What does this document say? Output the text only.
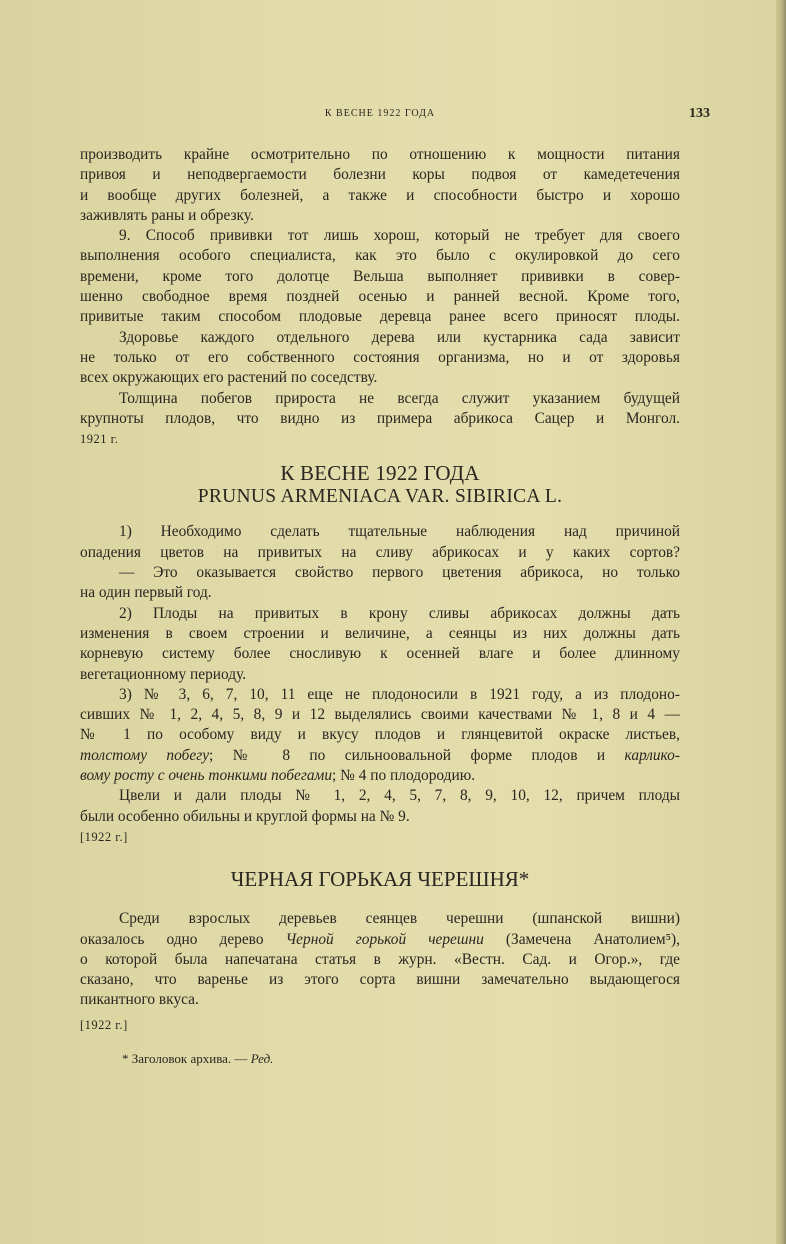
К ВЕСНЕ 1922 ГОДА	133
производить крайне осмотрительно по отношению к мощности питания
привоя и неподвергаемости болезни коры подвоя от камедетечения
и вообще других болезней, а также и способности быстро и хорошо
заживлять раны и обрезку.
9. Способ прививки тот лишь хорош, который не требует для своего
выполнения особого специалиста, как это было с окулировкой до сего
времени, кроме того долотце Вельша выполняет прививки в совер-
шенно свободное время поздней осенью и ранней весной. Кроме того,
привитые таким способом плодовые деревца ранее всего приносят плоды.
Здоровье каждого отдельного дерева или кустарника сада зависит
не только от его собственного состояния организма, но и от здоровья
всех окружающих его растений по соседству.
Толщина побегов прироста не всегда служит указанием будущей
крупноты плодов, что видно из примера абрикоса Сацер и Монгол.
1921 г.
К ВЕСНЕ 1922 ГОДА
PRUNUS ARMENIACA VAR. SIBIRICA L.
1) Необходимо сделать тщательные наблюдения над причиной
опадения цветов на привитых на сливу абрикосах и у каких сортов?
— Это оказывается свойство первого цветения абрикоса, но только
на один первый год.
2) Плоды на привитых в крону сливы абрикосах должны дать
изменения в своем строении и величине, а сеянцы из них должны дать
корневую систему более сносливую к осенней влаге и более длинному
вегетационному периоду.
3) № 3, 6, 7, 10, 11 еще не плодоносили в 1921 году, а из плодоно-
сивших № 1, 2, 4, 5, 8, 9 и 12 выделялись своими качествами № 1, 8 и 4 —
№ 1 по особому виду и вкусу плодов и глянцевитой окраске листьев,
толстому побегу; № 8 по сильноовальной форме плодов и карлико-
вому росту с очень тонкими побегами; № 4 по плодородию.
Цвели и дали плоды № 1, 2, 4, 5, 7, 8, 9, 10, 12, причем плоды
были особенно обильны и круглой формы на № 9.
[1922 г.]
ЧЕРНАЯ ГОРЬКАЯ ЧЕРЕШНЯ*
Среди взрослых деревьев сеянцев черешни (шпанской вишни)
оказалось одно дерево Черной горькой черешни (Замечена Анатолием⁵),
о которой была напечатана статья в журн. «Вестн. Сад. и Огор.», где
сказано, что варенье из этого сорта вишни замечательно выдающегося
пикантного вкуса.
[1922 г.]
* Заголовок архива. — Ред.
